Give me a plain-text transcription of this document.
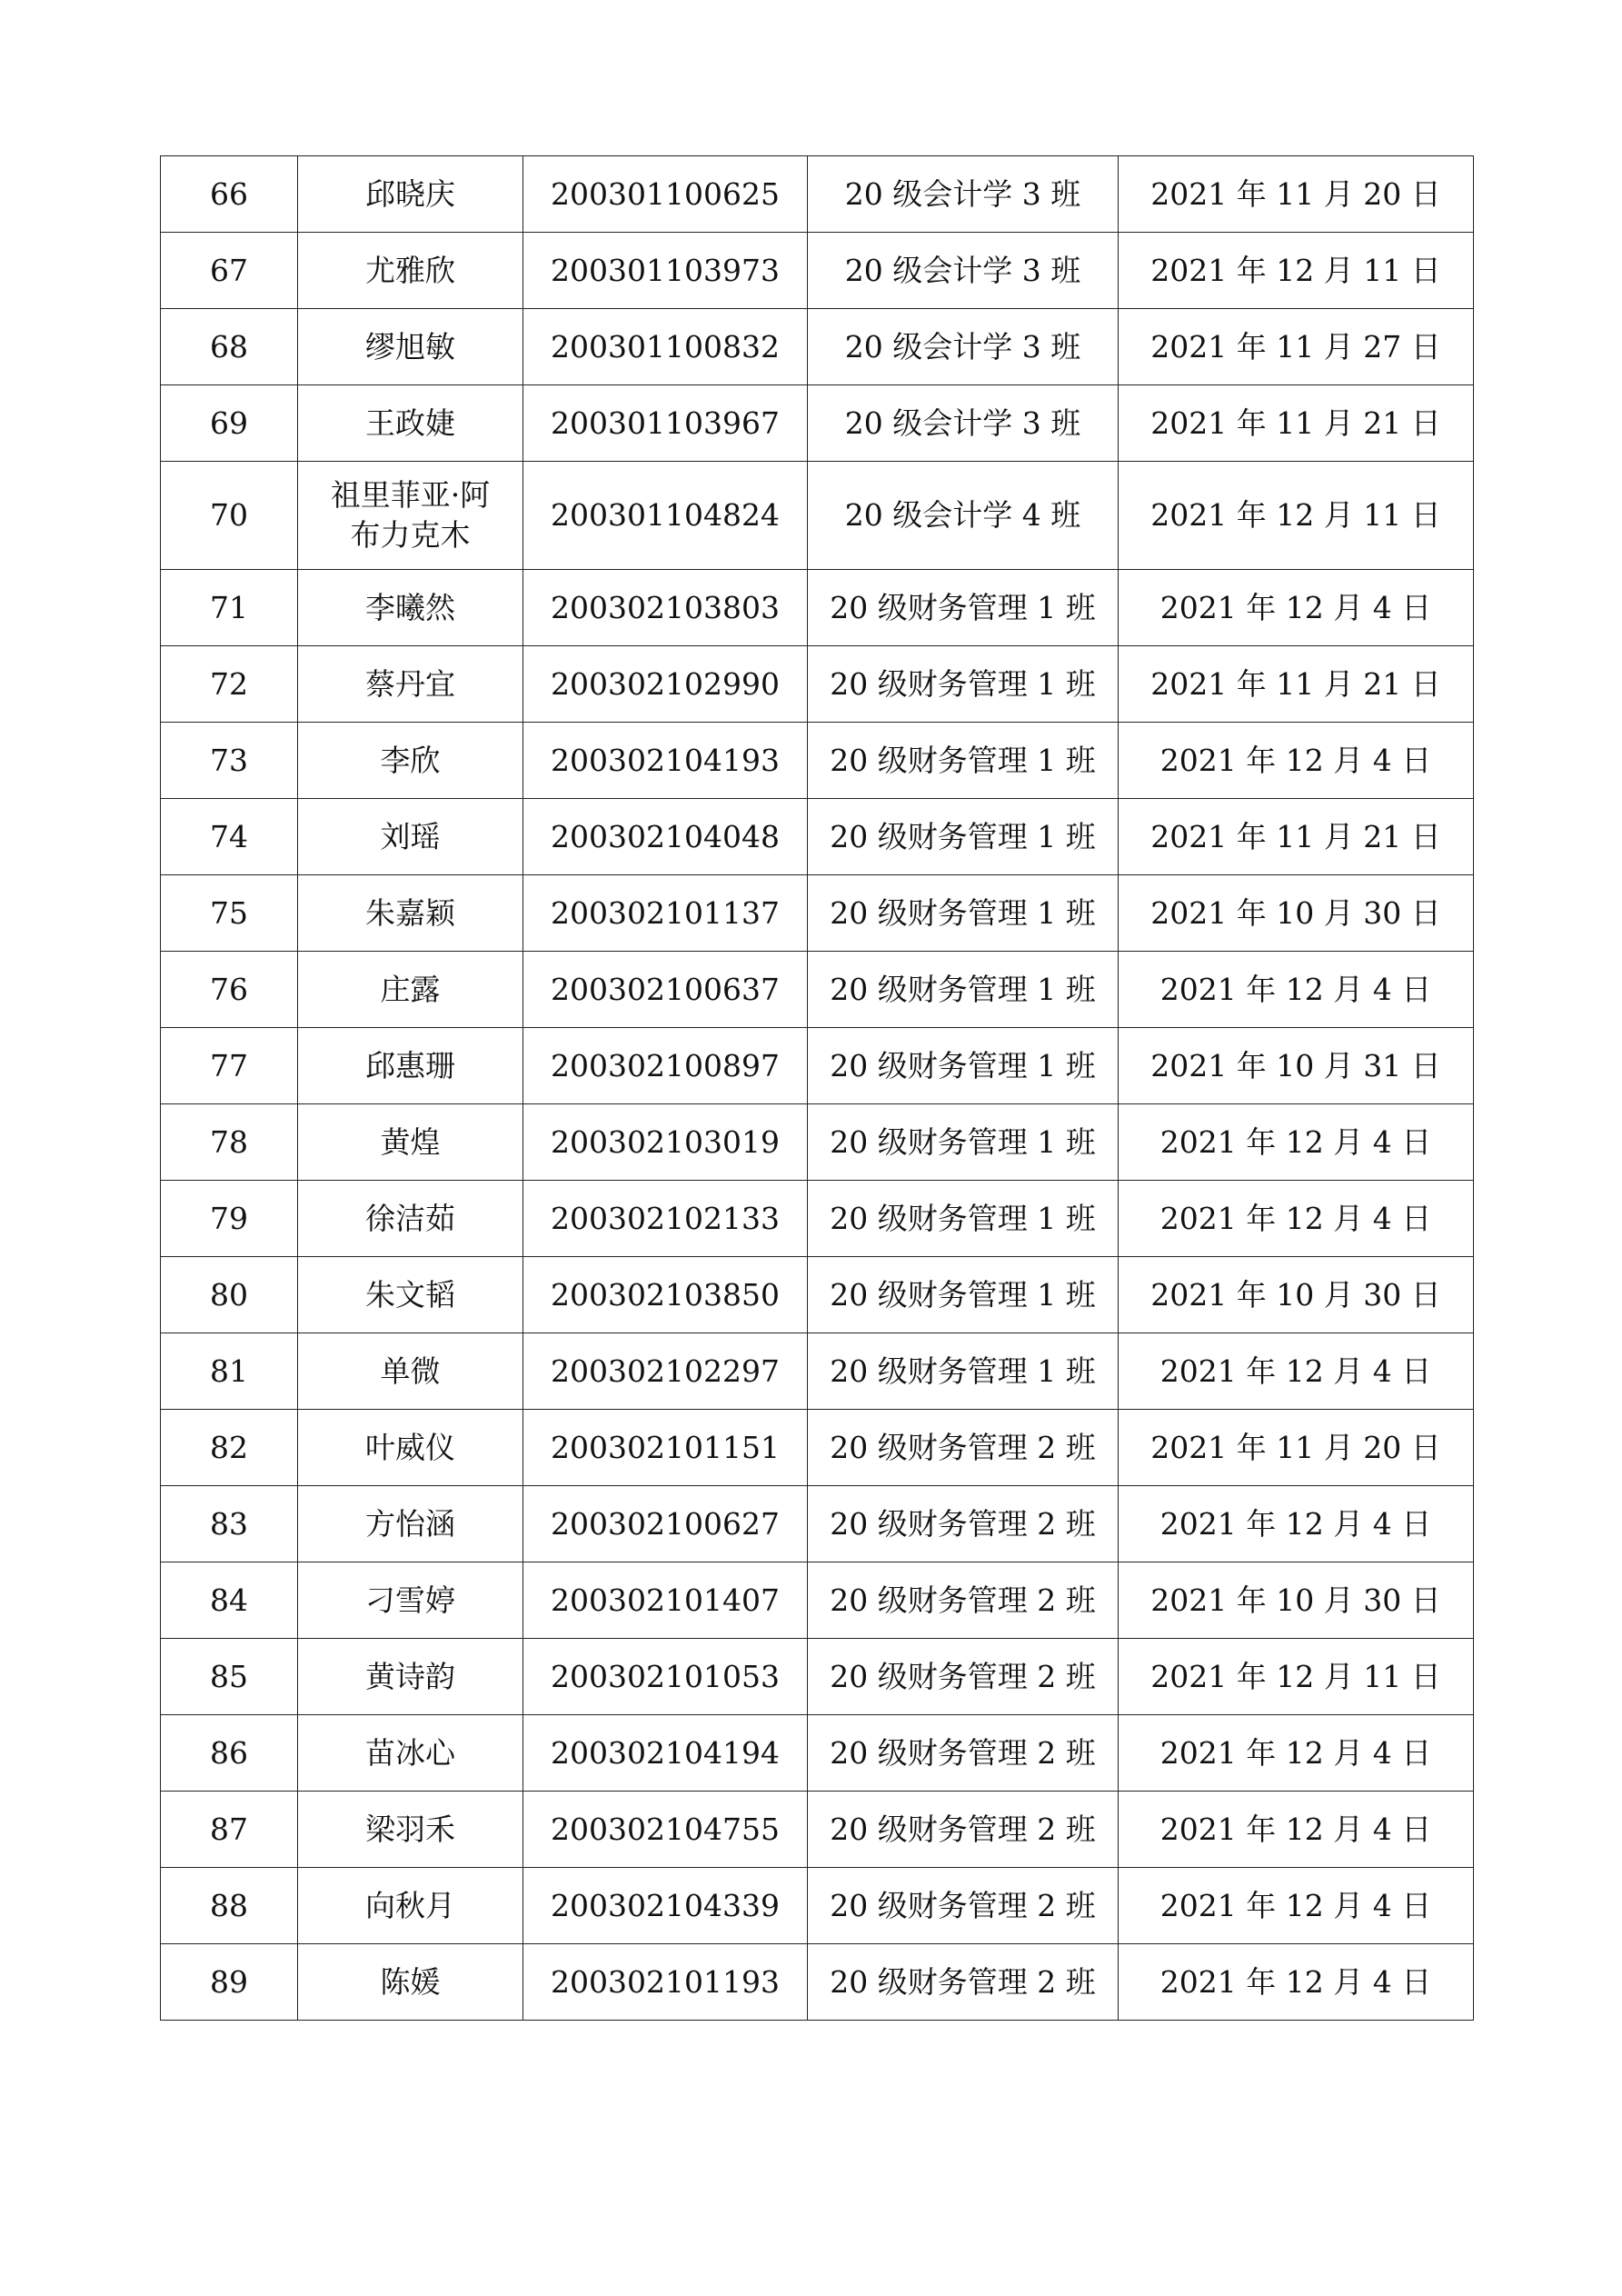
66	邱晓庆	200301100625	20 级会计学 3 班	2021 年 11 月 20 日
67	尤雅欣	200301103973	20 级会计学 3 班	2021 年 12 月 11 日
68	缪旭敏	200301100832	20 级会计学 3 班	2021 年 11 月 27 日
69	王政婕	200301103967	20 级会计学 3 班	2021 年 11 月 21 日
70	祖里菲亚·阿布力克木	200301104824	20 级会计学 4 班	2021 年 12 月 11 日
71	李曦然	200302103803	20 级财务管理 1 班	2021 年 12 月 4 日
72	蔡丹宜	200302102990	20 级财务管理 1 班	2021 年 11 月 21 日
73	李欣	200302104193	20 级财务管理 1 班	2021 年 12 月 4 日
74	刘瑶	200302104048	20 级财务管理 1 班	2021 年 11 月 21 日
75	朱嘉颖	200302101137	20 级财务管理 1 班	2021 年 10 月 30 日
76	庄露	200302100637	20 级财务管理 1 班	2021 年 12 月 4 日
77	邱惠珊	200302100897	20 级财务管理 1 班	2021 年 10 月 31 日
78	黄煌	200302103019	20 级财务管理 1 班	2021 年 12 月 4 日
79	徐洁茹	200302102133	20 级财务管理 1 班	2021 年 12 月 4 日
80	朱文韬	200302103850	20 级财务管理 1 班	2021 年 10 月 30 日
81	单微	200302102297	20 级财务管理 1 班	2021 年 12 月 4 日
82	叶威仪	200302101151	20 级财务管理 2 班	2021 年 11 月 20 日
83	方怡涵	200302100627	20 级财务管理 2 班	2021 年 12 月 4 日
84	刁雪婷	200302101407	20 级财务管理 2 班	2021 年 10 月 30 日
85	黄诗韵	200302101053	20 级财务管理 2 班	2021 年 12 月 11 日
86	苗冰心	200302104194	20 级财务管理 2 班	2021 年 12 月 4 日
87	梁羽禾	200302104755	20 级财务管理 2 班	2021 年 12 月 4 日
88	向秋月	200302104339	20 级财务管理 2 班	2021 年 12 月 4 日
89	陈媛	200302101193	20 级财务管理 2 班	2021 年 12 月 4 日
